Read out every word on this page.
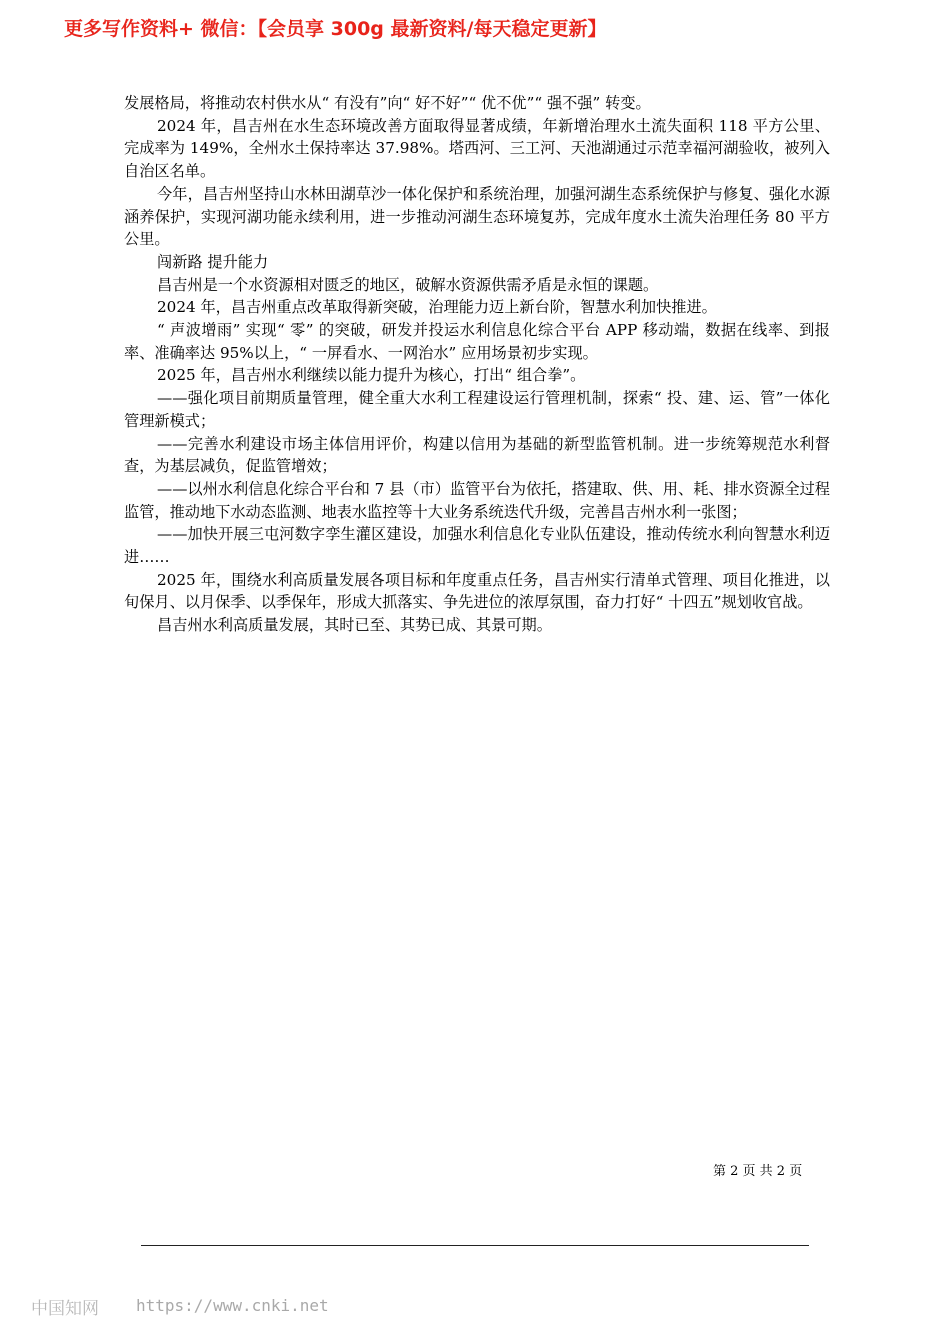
更多写作资料+ 微信：【会员享 300g 最新资料/每天稳定更新】

发展格局，将推动农村供水从“ 有没有”向“ 好不好”“ 优不优”“ 强不强” 转变。

2024 年，昌吉州在水生态环境改善方面取得显著成绩，年新增治理水土流失面积 118 平方公里、完成率为 149%，全州水土保持率达 37.98%。塔西河、三工河、天池湖通过示范幸福河湖验收，被列入自治区名单。

今年，昌吉州坚持山水林田湖草沙一体化保护和系统治理，加强河湖生态系统保护与修复、强化水源涵养保护，实现河湖功能永续利用，进一步推动河湖生态环境复苏，完成年度水土流失治理任务 80 平方公里。

闯新路 提升能力

昌吉州是一个水资源相对匮乏的地区，破解水资源供需矛盾是永恒的课题。

2024 年，昌吉州重点改革取得新突破，治理能力迈上新台阶，智慧水利加快推进。

“ 声波增雨” 实现“ 零” 的突破，研发并投运水利信息化综合平台 APP 移动端，数据在线率、到报率、准确率达 95%以上，“ 一屏看水、一网治水” 应用场景初步实现。

2025 年，昌吉州水利继续以能力提升为核心，打出“ 组合拳”。

——强化项目前期质量管理，健全重大水利工程建设运行管理机制，探索“ 投、建、运、管”一体化管理新模式；

——完善水利建设市场主体信用评价，构建以信用为基础的新型监管机制。进一步统筹规范水利督查，为基层减负，促监管增效；

——以州水利信息化综合平台和 7 县（市）监管平台为依托，搭建取、供、用、耗、排水资源全过程监管，推动地下水动态监测、地表水监控等十大业务系统迭代升级，完善昌吉州水利一张图；

——加快开展三屯河数字孪生灌区建设，加强水利信息化专业队伍建设，推动传统水利向智慧水利迈进……

2025 年，围绕水利高质量发展各项目标和年度重点任务，昌吉州实行清单式管理、项目化推进，以旬保月、以月保季、以季保年，形成大抓落实、争先进位的浓厚氛围，奋力打好“ 十四五”规划收官战。

昌吉州水利高质量发展，其时已至、其势已成、其景可期。

第 2 页 共 2 页
中国知网 https://www.cnki.net
